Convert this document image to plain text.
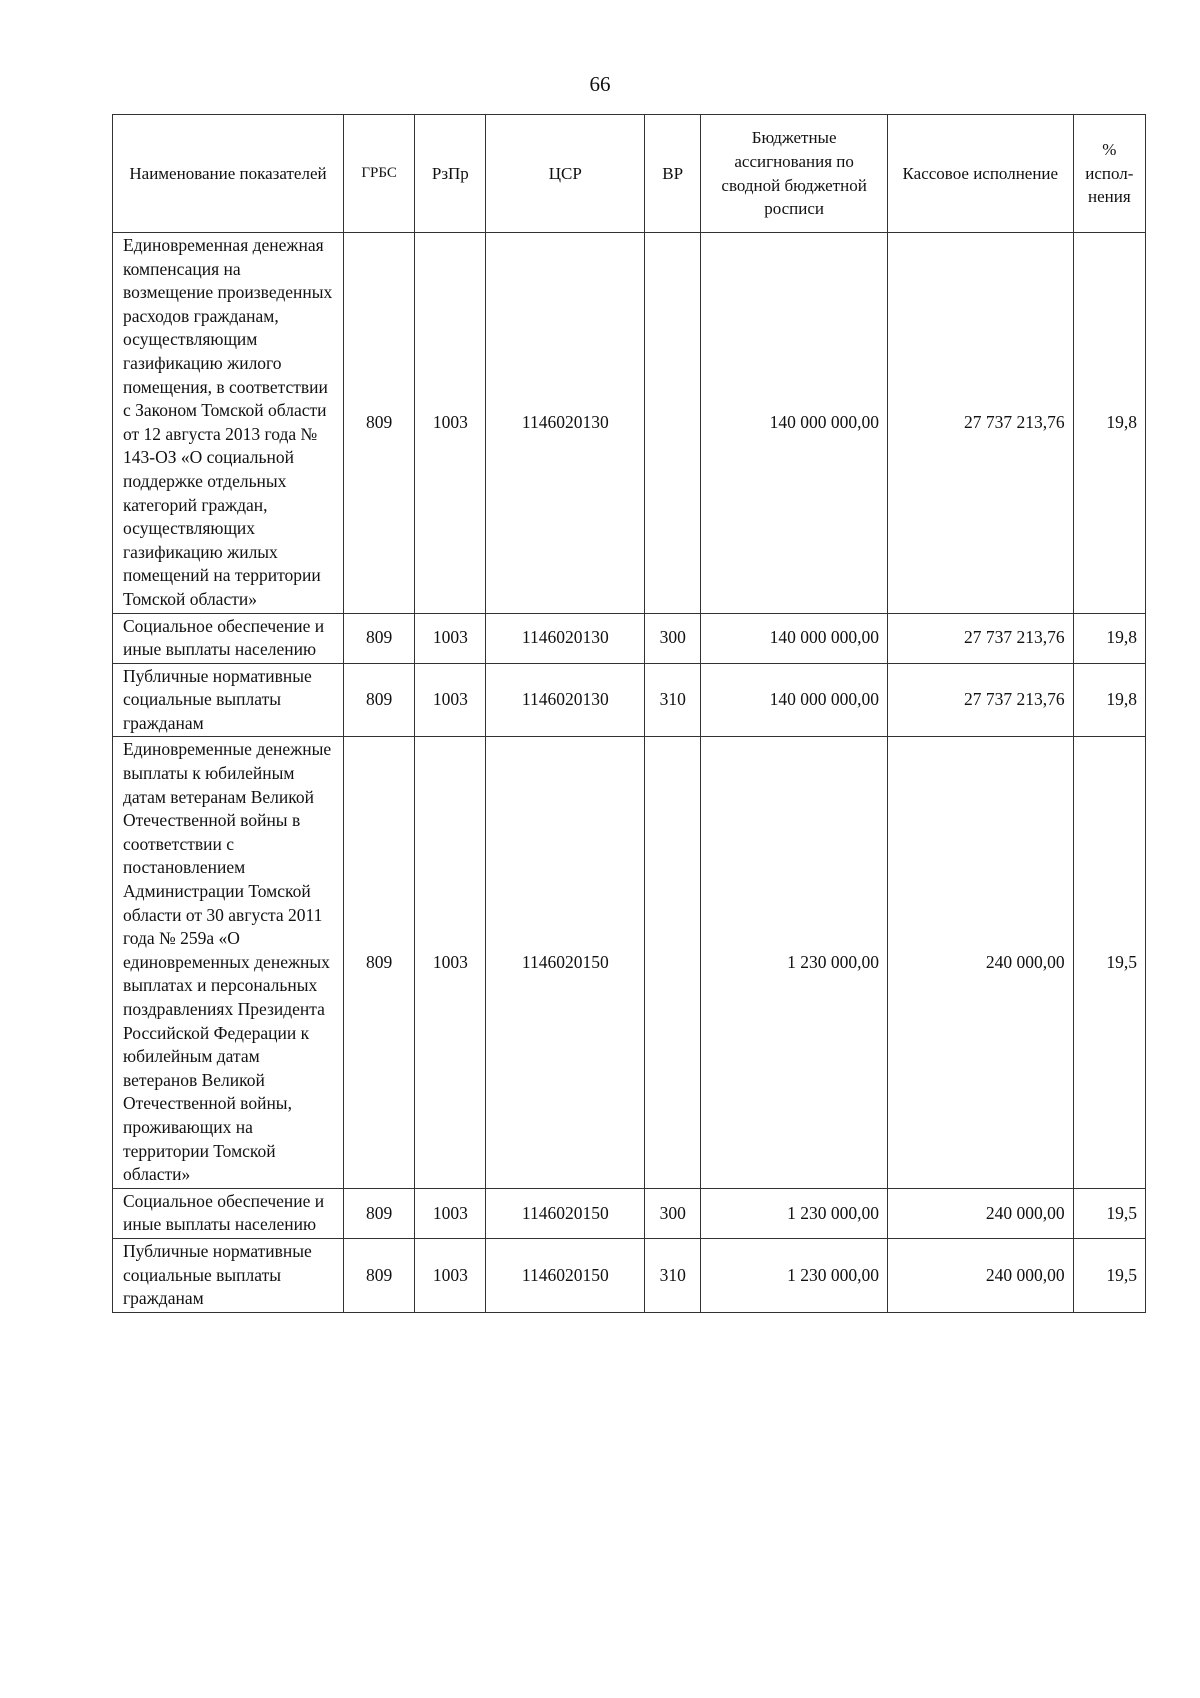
66
Наименование показателей	ГРБС	РзПр	ЦСР	ВР	Бюджетные ассигнования по сводной бюджетной росписи	Кассовое исполнение	% испол-нения
Единовременная денежная компенсация на возмещение произведенных расходов гражданам, осуществляющим газификацию жилого помещения, в соответствии с Законом Томской области от 12 августа 2013 года № 143-ОЗ «О социальной поддержке отдельных категорий граждан, осуществляющих газификацию жилых помещений на территории Томской области»	809	1003	1146020130		140 000 000,00	27 737 213,76	19,8
Социальное обеспечение и иные выплаты населению	809	1003	1146020130	300	140 000 000,00	27 737 213,76	19,8
Публичные нормативные социальные выплаты гражданам	809	1003	1146020130	310	140 000 000,00	27 737 213,76	19,8
Единовременные денежные выплаты к юбилейным датам ветеранам Великой Отечественной войны в соответствии с постановлением Администрации Томской области от 30 августа 2011 года № 259а «О единовременных денежных выплатах и персональных поздравлениях Президента Российской Федерации к юбилейным датам ветеранов Великой Отечественной войны, проживающих на территории Томской области»	809	1003	1146020150		1 230 000,00	240 000,00	19,5
Социальное обеспечение и иные выплаты населению	809	1003	1146020150	300	1 230 000,00	240 000,00	19,5
Публичные нормативные социальные выплаты гражданам	809	1003	1146020150	310	1 230 000,00	240 000,00	19,5
